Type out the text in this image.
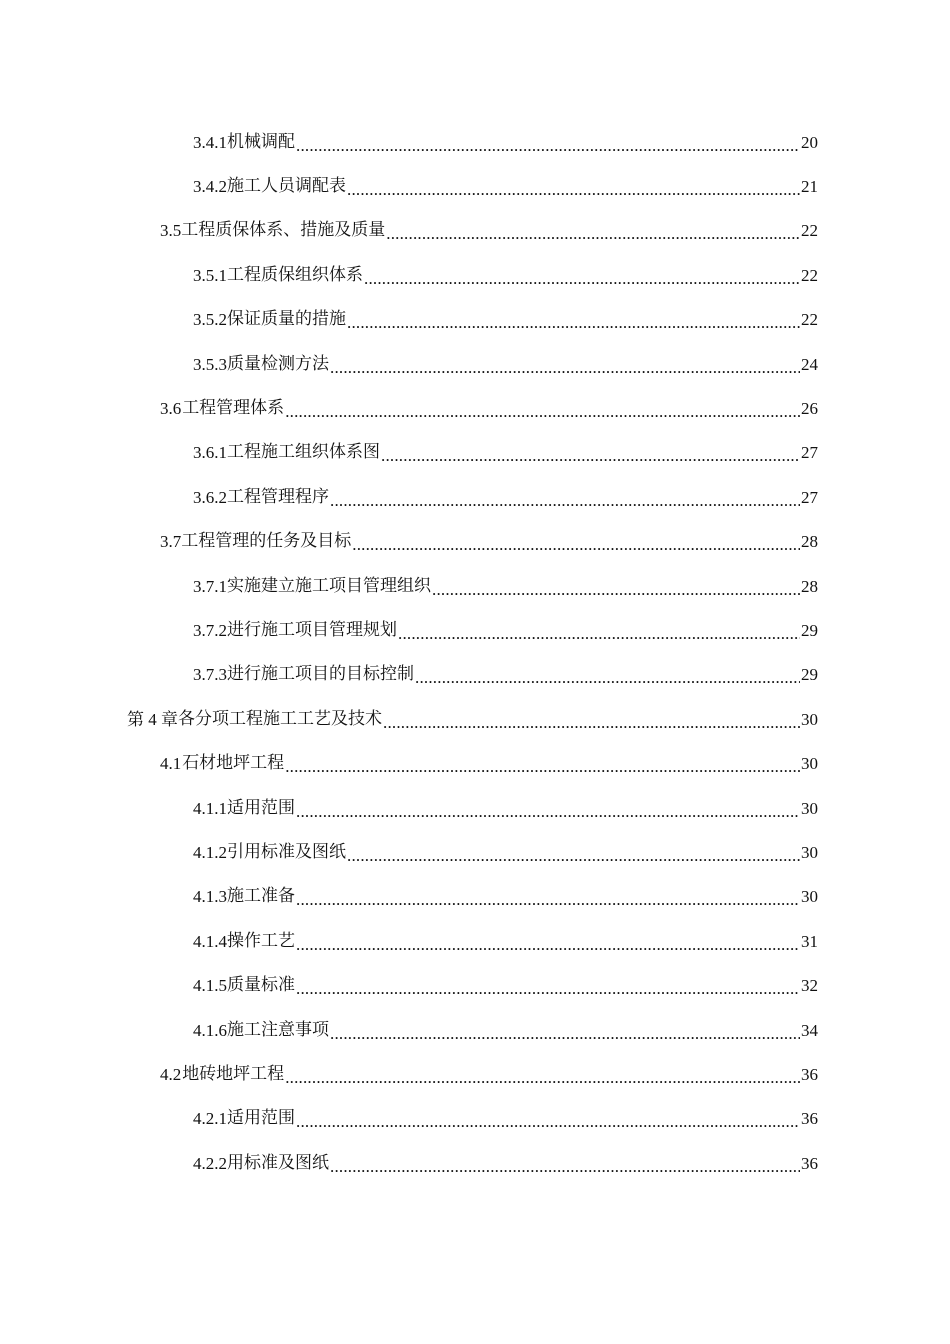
3.4.1 机械调配 .....	20
3.4.2 施工人员调配表 .....	21
3.5 工程质保体系、措施及质量 .....	22
3.5.1 工程质保组织体系 .....	22
3.5.2 保证质量的措施 .....	22
3.5.3 质量检测方法 .....	24
3.6 工程管理体系 .....	26
3.6.1 工程施工组织体系图 .....	27
3.6.2 工程管理程序 .....	27
3.7 工程管理的任务及目标 .....	28
3.7.1 实施建立施工项目管理组织 .....	28
3.7.2 进行施工项目管理规划 .....	29
3.7.3 进行施工项目的目标控制 .....	29
第 4 章 各分项工程施工工艺及技术 .....	30
4.1 石材地坪工程 .....	30
4.1.1 适用范围 .....	30
4.1.2 引用标准及图纸 .....	30
4.1.3 施工准备 .....	30
4.1.4 操作工艺 .....	31
4.1.5 质量标准 .....	32
4.1.6 施工注意事项 .....	34
4.2 地砖地坪工程 .....	36
4.2.1 适用范围 .....	36
4.2.2 用标准及图纸 .....	36
